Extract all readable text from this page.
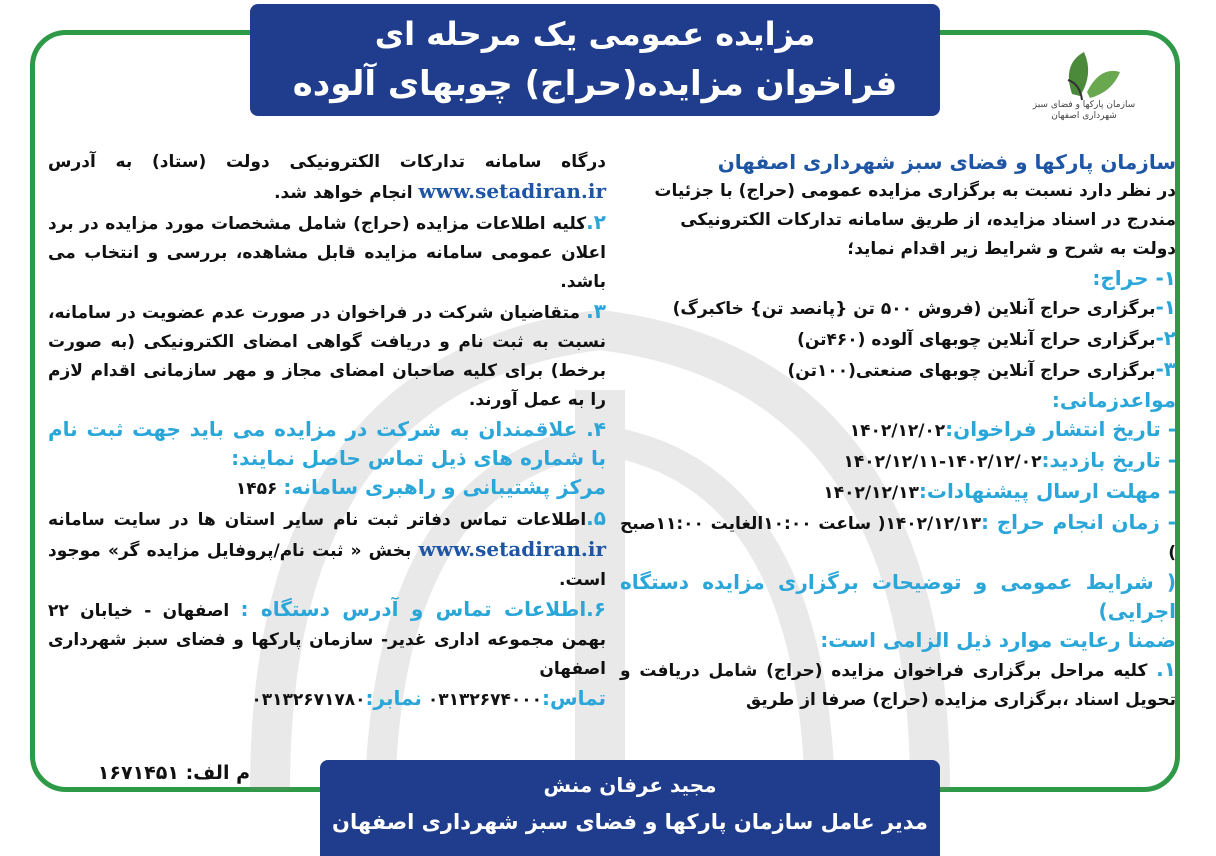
مزایده عمومی یک مرحله ای
فراخوان مزایده(حراج) چوبهای آلوده ،فروش برگ
سازمان پارکها و فضای سبز
شهرداری اصفهان
سازمان پارکها و فضای سبز شهرداری اصفهان
در نظر دارد نسبت به برگزاری مزایده عمومی (حراج) با جزئیات
مندرج در اسناد مزایده، از طریق سامانه تدارکات الکترونیکی
دولت به شرح و شرایط زیر اقدام نماید؛
۱- حراج:
۱-برگزاری حراج آنلاین (فروش ۵۰۰ تن {پانصد تن} خاکبرگ)
۲-برگزاری حراج آنلاین چوبهای آلوده (۴۶۰تن)
۳-برگزاری حراج آنلاین چوبهای صنعتی(۱۰۰تن)
مواعدزمانی:
- تاریخ انتشار فراخوان:۱۴۰۲/۱۲/۰۲
- تاریخ بازدید:۱۴۰۲/۱۲/۰۲-۱۴۰۲/۱۲/۱۱
- مهلت ارسال پیشنهادات:۱۴۰۲/۱۲/۱۳
- زمان انجام حراج :۱۴۰۲/۱۲/۱۳( ساعت ۱۰:۰۰الغایت ۱۱:۰۰صبح )
( شرایط عمومی و توضیحات برگزاری مزایده دستگاه اجرایی)
ضمنا رعایت موارد ذیل الزامی است:
۱. کلیه مراحل برگزاری فراخوان مزایده (حراج) شامل دریافت و تحویل اسناد ،برگزاری مزایده (حراج) صرفا از طریق
درگاه سامانه تدارکات الکترونیکی دولت (ستاد) به آدرس www.setadiran.ir انجام خواهد شد.
۲.کلیه اطلاعات مزایده (حراج) شامل مشخصات مورد مزایده در برد اعلان عمومی سامانه مزایده قابل مشاهده، بررسی و انتخاب می باشد.
۳. متقاضیان شرکت در فراخوان در صورت عدم عضویت در سامانه، نسبت به ثبت نام و دریافت گواهی امضای الکترونیکی (به صورت برخط) برای کلیه صاحبان امضای مجاز و مهر سازمانی اقدام لازم را به عمل آورند.
۴. علاقمندان به شرکت در مزایده می باید جهت ثبت نام با شماره های ذیل تماس حاصل نمایند:
مرکز پشتیبانی و راهبری سامانه: ۱۴۵۶
۵.اطلاعات تماس دفاتر ثبت نام سایر استان ها در سایت سامانه www.setadiran.ir بخش « ثبت نام/پروفایل مزایده گر» موجود است.
۶.اطلاعات تماس و آدرس دستگاه : اصفهان - خیابان ۲۲ بهمن مجموعه اداری غدیر- سازمان پارکها و فضای سبز شهرداری اصفهان
تماس:۰۳۱۳۲۶۷۴۰۰۰ نمابر:۰۳۱۳۲۶۷۱۷۸۰
م الف: ۱۶۷۱۴۵۱	مجید عرفان منش
مدیر عامل سازمان پارکها و فضای سبز شهرداری اصفهان
